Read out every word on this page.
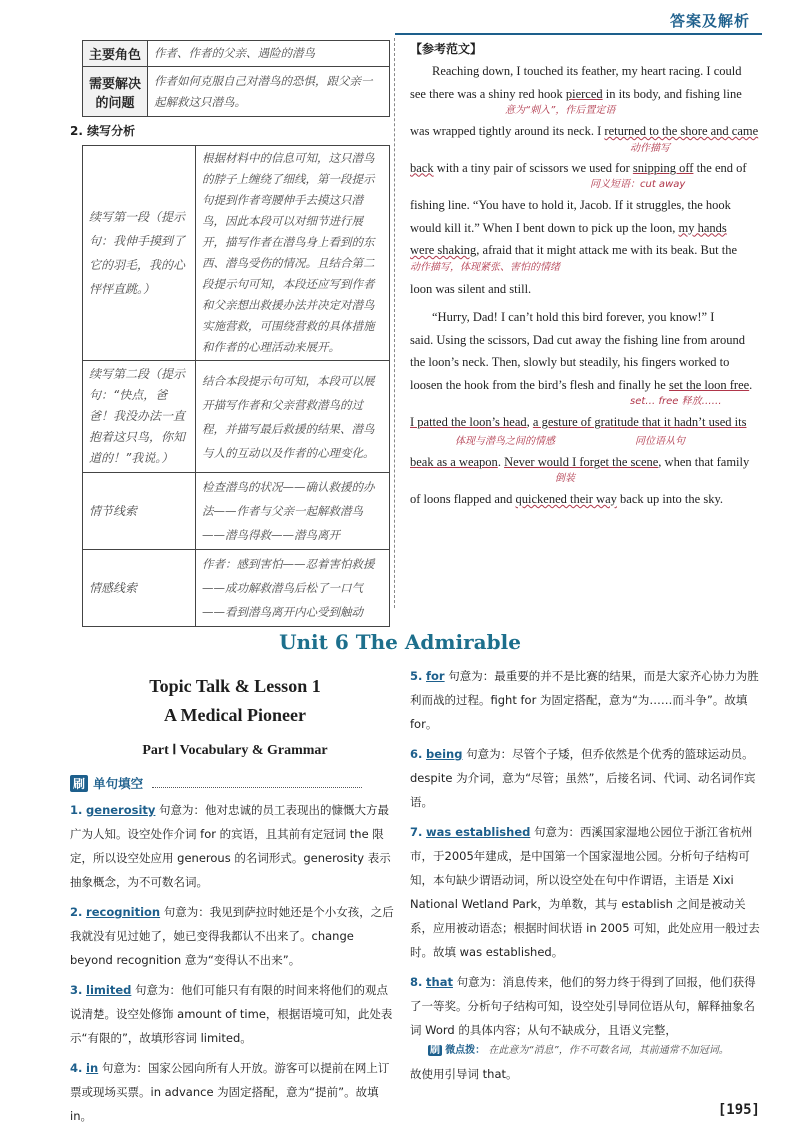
答案及解析
主要角色	作者、作者的父亲、遇险的潜鸟
需要解决的问题	作者如何克服自己对潜鸟的恐惧，跟父亲一起解救这只潜鸟。
2. 续写分析
续写第一段（提示句：我伸手摸到了它的羽毛，我的心怦怦直跳。）	根据材料中的信息可知，这只潜鸟的脖子上缠绕了细线，第一段提示句提到作者弯腰伸手去摸这只潜鸟，因此本段可以对细节进行展开，描写作者在潜鸟身上看到的东西、潜鸟受伤的情况。且结合第二段提示句可知，本段还应写到作者和父亲想出救援办法并决定对潜鸟实施营救，可围绕营救的具体措施和作者的心理活动来展开。
续写第二段（提示句：“快点，爸爸！我没办法一直抱着这只鸟，你知道的！”我说。）	结合本段提示句可知，本段可以展开描写作者和父亲营救潜鸟的过程，并描写最后救援的结果、潜鸟与人的互动以及作者的心理变化。
情节线索	检查潜鸟的状况——确认救援的办法——作者与父亲一起解救潜鸟——潜鸟得救——潜鸟离开
情感线索	作者：感到害怕——忍着害怕救援——成功解救潜鸟后松了一口气——看到潜鸟离开内心受到触动
【参考范文】
Reaching down, I touched its feather, my heart racing. I could
see there was a shiny red hook pierced in its body, and fishing line
意为“刺入”，作后置定语
was wrapped tightly around its neck. I returned to the shore and came
动作描写
back with a tiny pair of scissors we used for snipping off the end of
同义短语：cut away
fishing line. “You have to hold it, Jacob. If it struggles, the hook
would kill it.” When I bent down to pick up the loon, my hands
were shaking, afraid that it might attack me with its beak. But the
动作描写，体现紧张、害怕的情绪
loon was silent and still.
“Hurry, Dad! I can’t hold this bird forever, you know!” I
said. Using the scissors, Dad cut away the fishing line from around
the loon’s neck. Then, slowly but steadily, his fingers worked to
loosen the hook from the bird’s flesh and finally he set the loon free.
set… free 释放……
I patted the loon’s head, a gesture of gratitude that it hadn’t used its
体现与潜鸟之间的情感	同位语从句
beak as a weapon. Never would I forget the scene, when that family
倒装
of loons flapped and quickened their way back up into the sky.
Unit 6 The Admirable
Topic Talk & Lesson 1
A Medical Pioneer
Part Ⅰ Vocabulary & Grammar
刷 单句填空
1. generosity 句意为：他对忠诚的员工表现出的慷慨大方最广为人知。设空处作介词 for 的宾语，且其前有定冠词 the 限定，所以设空处应用 generous 的名词形式。generosity 表示抽象概念，为不可数名词。
2. recognition 句意为：我见到萨拉时她还是个小女孩，之后我就没有见过她了，她已变得我都认不出来了。change beyond recognition 意为“变得认不出来”。
3. limited 句意为：他们可能只有有限的时间来将他们的观点说清楚。设空处修饰 amount of time，根据语境可知，此处表示“有限的”，故填形容词 limited。
4. in 句意为：国家公园向所有人开放。游客可以提前在网上订票或现场买票。in advance 为固定搭配，意为“提前”。故填 in。
5. for 句意为：最重要的并不是比赛的结果，而是大家齐心协力为胜利而战的过程。fight for 为固定搭配，意为“为……而斗争”。故填 for。
6. being 句意为：尽管个子矮，但乔依然是个优秀的篮球运动员。despite 为介词，意为“尽管；虽然”，后接名词、代词、动名词作宾语。
7. was established 句意为：西溪国家湿地公园位于浙江省杭州市，于2005年建成，是中国第一个国家湿地公园。分析句子结构可知，本句缺少谓语动词，所以设空处在句中作谓语，主语是 Xixi National Wetland Park，为单数，其与 establish 之间是被动关系，应用被动语态；根据时间状语 in 2005 可知，此处应用一般过去时。故填 was established。
8. that 句意为：消息传来，他们的努力终于得到了回报，他们获得了一等奖。分析句子结构可知，设空处引导同位语从句，解释抽象名词 Word 的具体内容；从句不缺成分，且语义完整，
刷 微点拨： 在此意为“消息”，作不可数名词，其前通常不加冠词。
故使用引导词 that。
[195]
